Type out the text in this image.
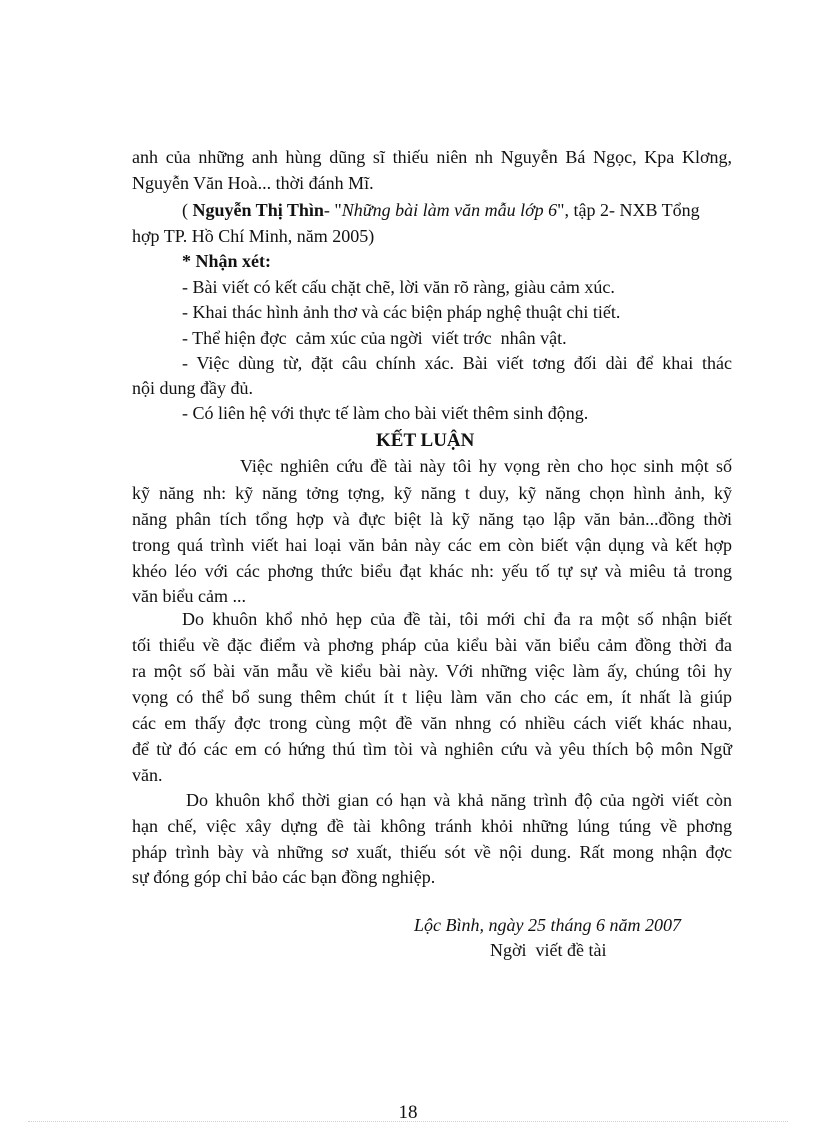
anh của những anh hùng dũng sĩ thiếu niên nh Nguyễn Bá Ngọc, Kpa Klơng,
Nguyễn Văn Hoà... thời đánh Mĩ.
( Nguyễn Thị Thìn- "Những bài làm văn mẫu lớp 6", tập 2- NXB Tổng
hợp TP. Hồ Chí Minh, năm 2005)
* Nhận xét:
- Bài viết có kết cấu chặt chẽ, lời văn rõ ràng, giàu cảm xúc.
- Khai thác hình ảnh thơ và các biện pháp nghệ thuật chi tiết.
- Thể hiện đợc  cảm xúc của ngời  viết trớc  nhân vật.
- Việc dùng từ, đặt câu chính xác. Bài viết tơng đối dài để khai thác
nội dung đầy đủ.
- Có liên hệ với thực tế làm cho bài viết thêm sinh động.
KẾT LUẬN
Việc nghiên cứu đề tài này tôi hy vọng rèn cho học sinh một số
kỹ năng nh: kỹ năng tởng tợng, kỹ năng t duy, kỹ năng chọn hình ảnh, kỹ
năng phân tích tổng hợp và đực biệt là kỹ năng tạo lập văn bản...đồng thời
trong quá trình viết hai loại văn bản này các em còn biết vận dụng và kết hợp
khéo léo với các phơng thức biểu đạt khác nh: yếu tố tự sự và miêu tả trong
văn biểu cảm ...
Do khuôn khổ nhỏ hẹp của đề tài, tôi mới chỉ đa ra một số nhận biết
tối thiểu về đặc điểm và phơng pháp của kiểu bài văn biểu cảm đồng thời đa
ra một số bài văn mẫu về kiểu bài này. Với những việc làm ấy, chúng tôi hy
vọng có thể bổ sung thêm chút ít t liệu làm văn cho các em, ít nhất là giúp
các em thấy đợc trong cùng một đề văn nhng có nhiều cách viết khác nhau,
để từ đó các em có hứng thú tìm tòi và nghiên cứu và yêu thích bộ môn Ngữ
văn.
Do khuôn khổ thời gian có hạn và khả năng trình độ của ngời viết còn
hạn chế, việc xây dựng đề tài không tránh khỏi những lúng túng về phơng
pháp trình bày và những sơ xuất, thiếu sót về nội dung. Rất mong nhận đợc
sự đóng góp chỉ bảo các bạn đồng nghiệp.
Lộc Bình, ngày 25 tháng 6 năm 2007
Ngời  viết đề tài
18
